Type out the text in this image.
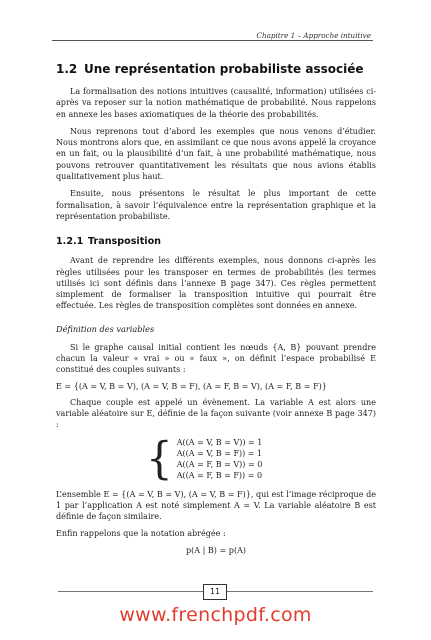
Chapitre 1 – Approche intuitive
1.2 Une représentation probabiliste associée

La formalisation des notions intuitives (causalité, information) utilisées ci-après va reposer sur la notion mathématique de probabilité. Nous rappelons en annexe les bases axiomatiques de la théorie des probabilités.

Nous reprenons tout d’abord les exemples que nous venons d’étudier. Nous montrons alors que, en assimilant ce que nous avons appelé la croyance en un fait, ou la plausibilité d’un fait, à une probabilité mathématique, nous pouvons retrouver quantitativement les résultats que nous avions établis qualitativement plus haut.

Ensuite, nous présentons le résultat le plus important de cette formalisation, à savoir l’équivalence entre la représentation graphique et la représentation probabiliste.

1.2.1 Transposition

Avant de reprendre les différents exemples, nous donnons ci-après les règles utilisées pour les transposer en termes de probabilités (les termes utilisés ici sont définis dans l’annexe B page 347). Ces règles permettent simplement de formaliser la transposition intuitive qui pourrait être effectuée. Les règles de transposition complètes sont données en annexe.

Définition des variables

Si le graphe causal initial contient les nœuds {A, B} pouvant prendre chacun la valeur « vrai » ou « faux », on définit l’espace probabilisé E constitué des couples suivants :

E = {(A = V, B = V), (A = V, B = F), (A = F, B = V), (A = F, B = F)}

Chaque couple est appelé un évènement. La variable A est alors une variable aléatoire sur E, définie de la façon suivante (voir annexe B page 347) :

{ A((A = V, B = V)) = 1
A((A = V, B = F)) = 1
A((A = F, B = V)) = 0
A((A = F, B = F)) = 0

L’ensemble E = {(A = V, B = V), (A = V, B = F)}, qui est l’image réciproque de 1 par l’application A est noté simplement A = V. La variable aléatoire B est définie de façon similaire.

Enfin rappelons que la notation abrégée :

p(A | B) = p(A)
11
www.frenchpdf.com
